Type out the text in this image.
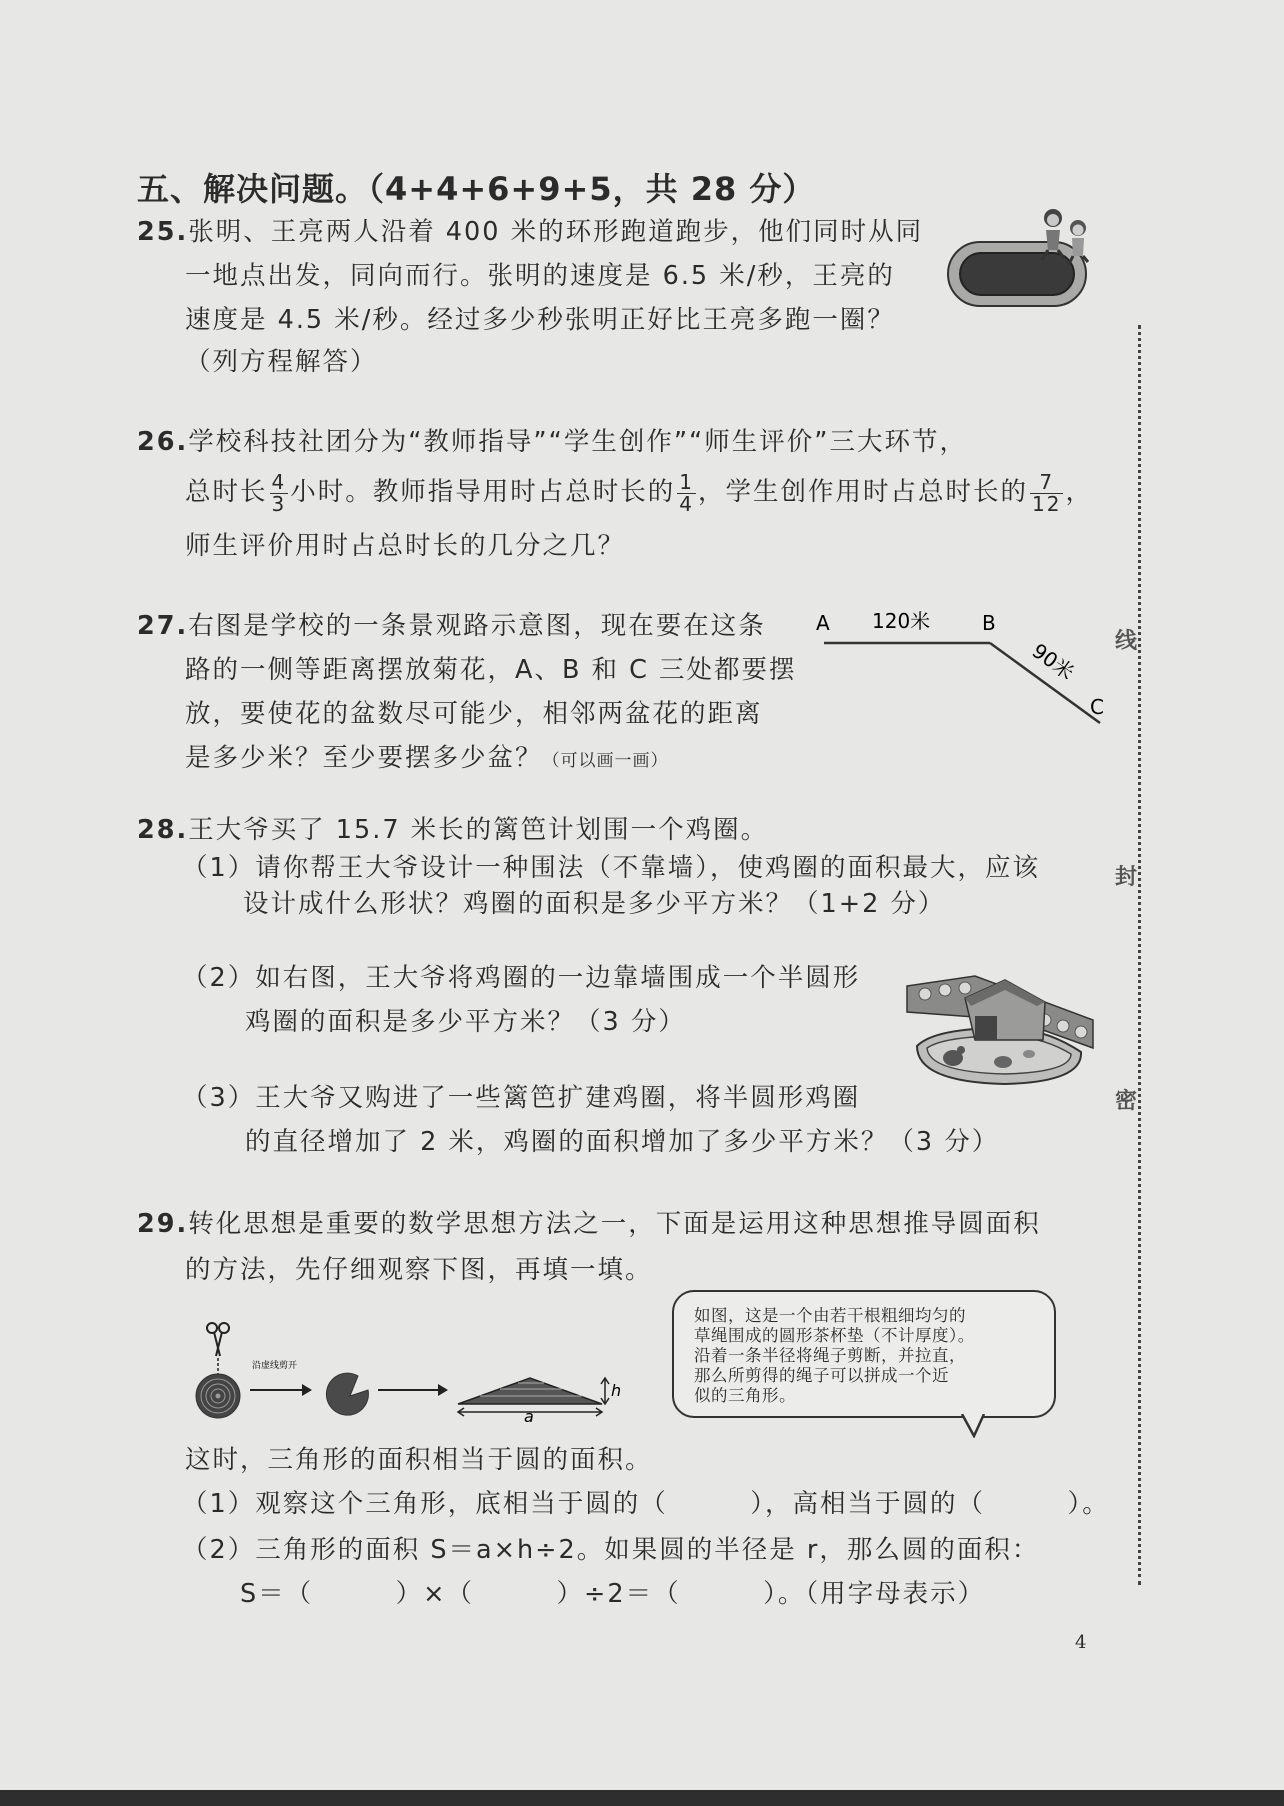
五、解决问题。（4+4+6+9+5，共 28 分）
25.张明、王亮两人沿着 400 米的环形跑道跑步，他们同时从同
一地点出发，同向而行。张明的速度是 6.5 米/秒，王亮的
速度是 4.5 米/秒。经过多少秒张明正好比王亮多跑一圈？
（列方程解答）
26.学校科技社团分为“教师指导”“学生创作”“师生评价”三大环节，
总时长 $\frac{4}{3}$ 小时。教师指导用时占总时长的 $\frac{1}{4}$ ，学生创作用时占总时长的 $\frac{7}{12}$ ，
师生评价用时占总时长的几分之几？
27.右图是学校的一条景观路示意图，现在要在这条
路的一侧等距离摆放菊花，A、B 和 C 三处都要摆
放，要使花的盆数尽可能少，相邻两盆花的距离
是多少米？至少要摆多少盆？（可以画一画）
A	B
C
120米
90米
28.王大爷买了 15.7 米长的篱笆计划围一个鸡圈。
（1）请你帮王大爷设计一种围法（不靠墙），使鸡圈的面积最大，应该
设计成什么形状？鸡圈的面积是多少平方米？（1+2 分）
（2）如右图，王大爷将鸡圈的一边靠墙围成一个半圆形
鸡圈的面积是多少平方米？（3 分）
（3）王大爷又购进了一些篱笆扩建鸡圈，将半圆形鸡圈
的直径增加了 2 米，鸡圈的面积增加了多少平方米？（3 分）
29.转化思想是重要的数学思想方法之一，下面是运用这种思想推导圆面积
的方法，先仔细观察下图，再填一填。
沿虚线剪开
h
a

如图，这是一个由若干根粗细均匀的

草绳围成的圆形茶杯垫（不计厚度）。

沿着一条半径将绳子剪断，并拉直，

那么所剪得的绳子可以拼成一个近

似的三角形。

这时，三角形的面积相当于圆的面积。
（1）观察这个三角形，底相当于圆的（　　　），高相当于圆的（　　　）。
（2）三角形的面积 S＝a×h÷2。如果圆的半径是 r，那么圆的面积：
S＝（　　　）×（　　　）÷2＝（　　　）。（用字母表示）
线
封
密
4
